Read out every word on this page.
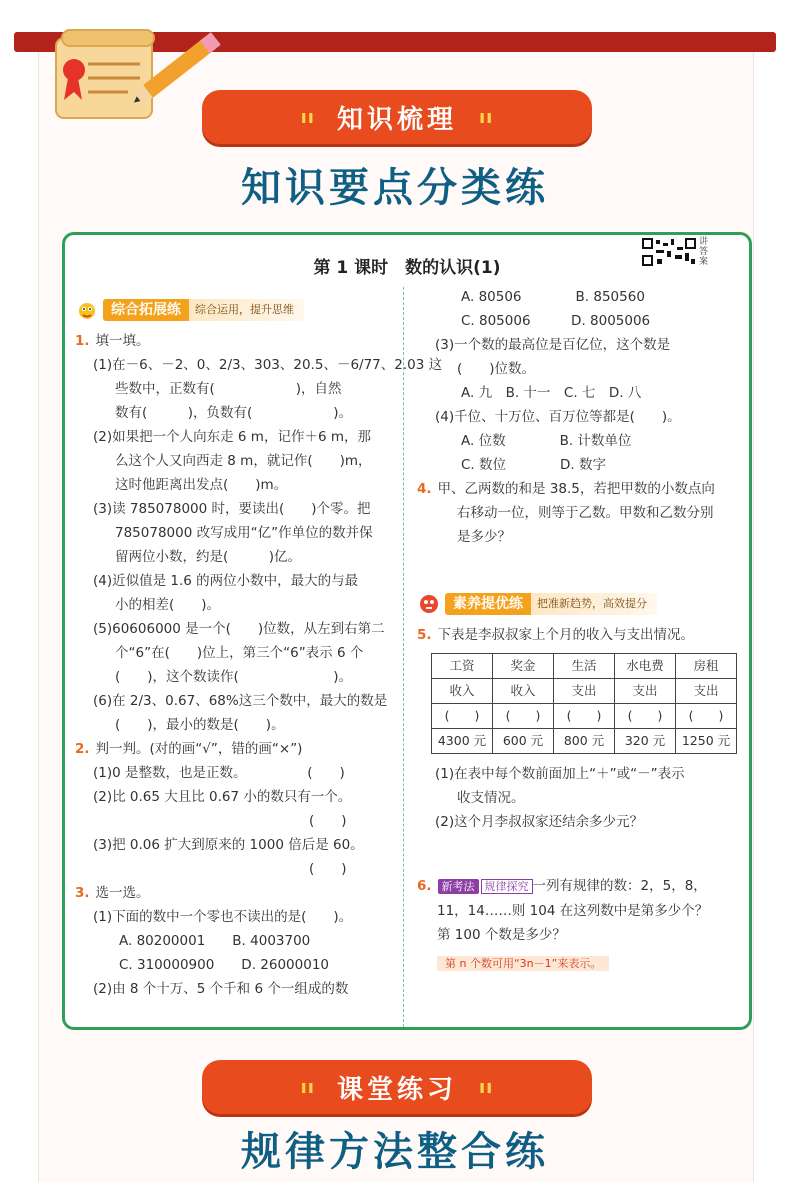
ıı 知识梳理 ıı
知识要点分类练
第 1 课时　数的认识(1)
讲答案
综合拓展练	综合运用，提升思维
1. 填一填。
(1)在－6、－2、0、2/3、303、20.5、－6/77、2.03 这
些数中，正数有(　　　　　　)，自然
数有(　　　)，负数有(　　　　　　)。
(2)如果把一个人向东走 6 m，记作＋6 m，那
么这个人又向西走 8 m，就记作(　　)m，
这时他距离出发点(　　)m。
(3)读 785078000 时，要读出(　　)个零。把
785078000 改写成用“亿”作单位的数并保
留两位小数，约是(　　　)亿。
(4)近似值是 1.6 的两位小数中，最大的与最
小的相差(　　)。
(5)60606000 是一个(　　)位数，从左到右第二
个“6”在(　　)位上，第三个“6”表示 6 个
(　　)，这个数读作(　　　　　　　)。
(6)在 2/3、0.67、68%这三个数中，最大的数是
(　　)，最小的数是(　　)。
2. 判一判。(对的画“√”，错的画“×”)
(1)0 是整数，也是正数。　　　　　(　　)
(2)比 0.65 大且比 0.67 小的数只有一个。
　　　　　　　　　　　　　　　　(　　)
(3)把 0.06 扩大到原来的 1000 倍后是 60。
　　　　　　　　　　　　　　　　(　　)
3. 选一选。
(1)下面的数中一个零也不读出的是(　　)。
A. 80200001　　B. 4003700
C. 310000900　　D. 26000010
(2)由 8 个十万、5 个千和 6 个一组成的数
A. 80506　　　　B. 850560
C. 805006　　　D. 8005006
(3)一个数的最高位是百亿位，这个数是
(　　)位数。
A. 九　B. 十一　C. 七　D. 八
(4)千位、十万位、百万位等都是(　　)。
A. 位数　　　　B. 计数单位
C. 数位　　　　D. 数字
4. 甲、乙两数的和是 38.5，若把甲数的小数点向
右移动一位，则等于乙数。甲数和乙数分别
是多少？
素养提优练	把准新趋势，高效提分
5. 下表是李叔叔家上个月的收入与支出情况。
工资	奖金	生活	水电费	房租
收入	收入	支出	支出	支出
(　　)	(　　)	(　　)	(　　)	(　　)
4300 元	600 元	800 元	320 元	1250 元
(1)在表中每个数前面加上“＋”或“－”表示
收支情况。
(2)这个月李叔叔家还结余多少元？
6. 新考法 规律探究 一列有规律的数：2，5，8，
11，14……则 104 在这列数中是第多少个？
第 100 个数是多少？
第 n 个数可用“3n－1”来表示。
ıı 课堂练习 ıı
规律方法整合练
